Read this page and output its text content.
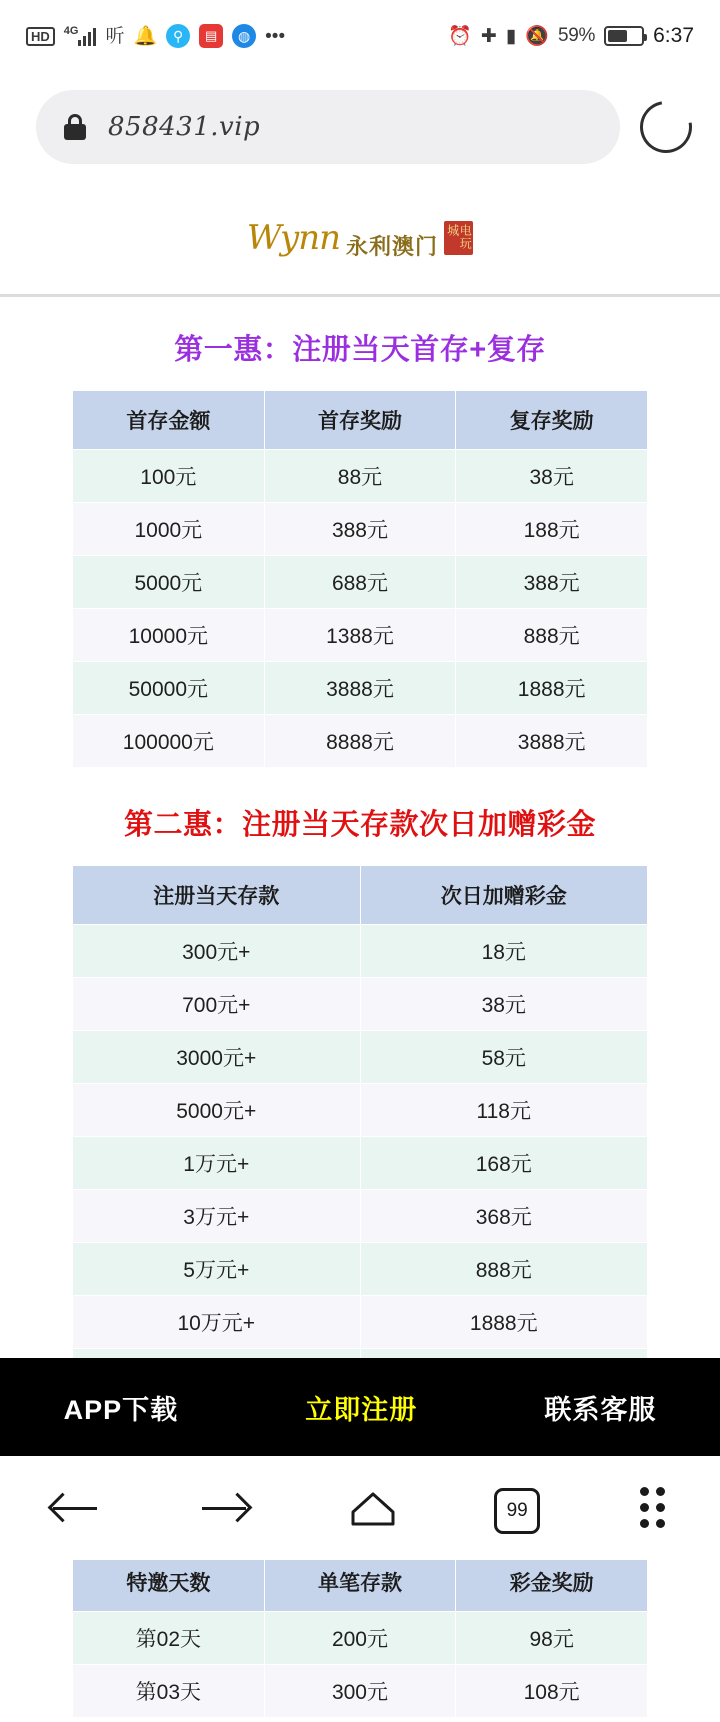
HD	4G 听 🔔	⚲	▤	◍ •••	⏰ ✚ ▮ 🔕 59%	6:37
858431.vip
Wynn 永利澳门	电玩城
第一惠：注册当天首存+复存
首存金额	首存奖励	复存奖励
100元	88元	38元
1000元	388元	188元
5000元	688元	388元
10000元	1388元	888元
50000元	3888元	1888元
100000元	8888元	3888元
第二惠：注册当天存款次日加赠彩金
注册当天存款	次日加赠彩金
300元+	18元
700元+	38元
3000元+	58元
5000元+	118元
1万元+	168元
3万元+	368元
5万元+	888元
10万元+	1888元

特邀天数	单笔存款	彩金奖励
第02天	200元	98元
第03天	300元	108元
APP下载	立即注册	联系客服
99
